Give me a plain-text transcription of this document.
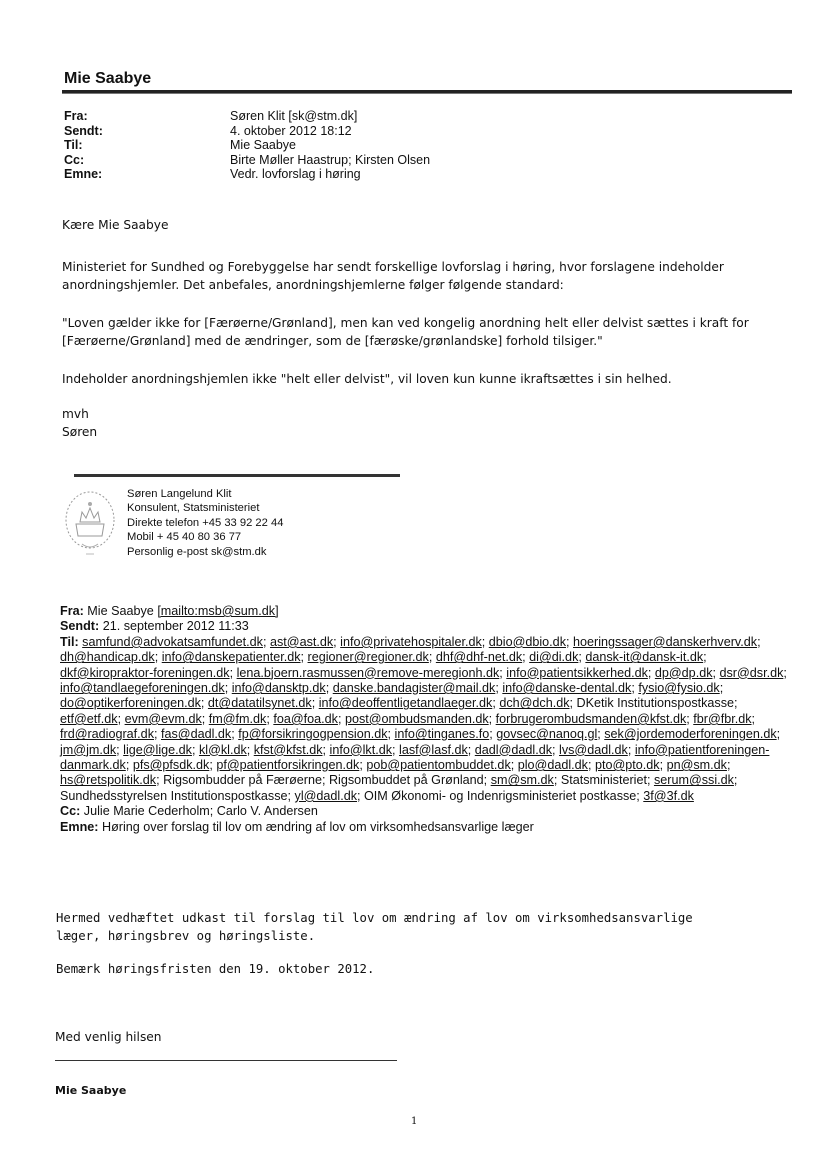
Mie Saabye
Fra:	Søren Klit [sk@stm.dk]
Sendt:	4. oktober 2012 18:12
Til:	Mie Saabye
Cc:	Birte Møller Haastrup; Kirsten Olsen
Emne:	Vedr. lovforslag i høring
Kære Mie Saabye
Ministeriet for Sundhed og Forebyggelse har sendt forskellige lovforslag i høring, hvor forslagene indeholder anordningshjemler. Det anbefales, anordningshjemlerne følger følgende standard:
"Loven gælder ikke for [Færøerne/Grønland], men kan ved kongelig anordning helt eller delvist sættes i kraft for [Færøerne/Grønland] med de ændringer, som de [færøske/grønlandske] forhold tilsiger."
Indeholder anordningshjemlen ikke "helt eller delvist", vil loven kun kunne ikraftsættes i sin helhed.
mvh
Søren
Søren Langelund Klit
Konsulent, Statsministeriet
Direkte telefon +45 33 92 22 44
Mobil + 45 40 80 36 77
Personlig e-post sk@stm.dk
Fra: Mie Saabye [mailto:msb@sum.dk]
Sendt: 21. september 2012 11:33
Til: samfund@advokatsamfundet.dk; ast@ast.dk; info@privatehospitaler.dk; dbio@dbio.dk; hoeringssager@danskerhverv.dk; dh@handicap.dk; info@danskepatienter.dk; regioner@regioner.dk; dhf@dhf-net.dk; di@di.dk; dansk-it@dansk-it.dk; dkf@kiropraktor-foreningen.dk; lena.bjoern.rasmussen@remove-meregionh.dk; info@patientsikkerhed.dk; dp@dp.dk; dsr@dsr.dk; info@tandlaegeforeningen.dk; info@dansktp.dk; danske.bandagister@mail.dk; info@danske-dental.dk; fysio@fysio.dk; do@optikerforeningen.dk; dt@datatilsynet.dk; info@deoffentligetandlaeger.dk; dch@dch.dk; DKetik Institutionspostkasse; etf@etf.dk; evm@evm.dk; fm@fm.dk; foa@foa.dk; post@ombudsmanden.dk; forbrugerombudsmanden@kfst.dk; fbr@fbr.dk; frd@radiograf.dk; fas@dadl.dk; fp@forsikringogpension.dk; info@tinganes.fo; govsec@nanoq.gl; sek@jordemoderforeningen.dk; jm@jm.dk; lige@lige.dk; kl@kl.dk; kfst@kfst.dk; info@lkt.dk; lasf@lasf.dk; dadl@dadl.dk; lvs@dadl.dk; info@patientforeningen-danmark.dk; pfs@pfsdk.dk; pf@patientforsikringen.dk; pob@patientombuddet.dk; plo@dadl.dk; pto@pto.dk; pn@sm.dk; hs@retspolitik.dk; Rigsombudder på Færøerne; Rigsombuddet på Grønland; sm@sm.dk; Statsministeriet; serum@ssi.dk; Sundhedsstyrelsen Institutionspostkasse; yl@dadl.dk; OIM Økonomi- og Indenrigsministeriet postkasse; 3f@3f.dk
Cc: Julie Marie Cederholm; Carlo V. Andersen
Emne: Høring over forslag til lov om ændring af lov om virksomhedsansvarlige læger
Hermed vedhæftet udkast til forslag til lov om ændring af lov om virksomhedsansvarlige
læger, høringsbrev og høringsliste.
Bemærk høringsfristen den 19. oktober 2012.
Med venlig hilsen
Mie Saabye
1
